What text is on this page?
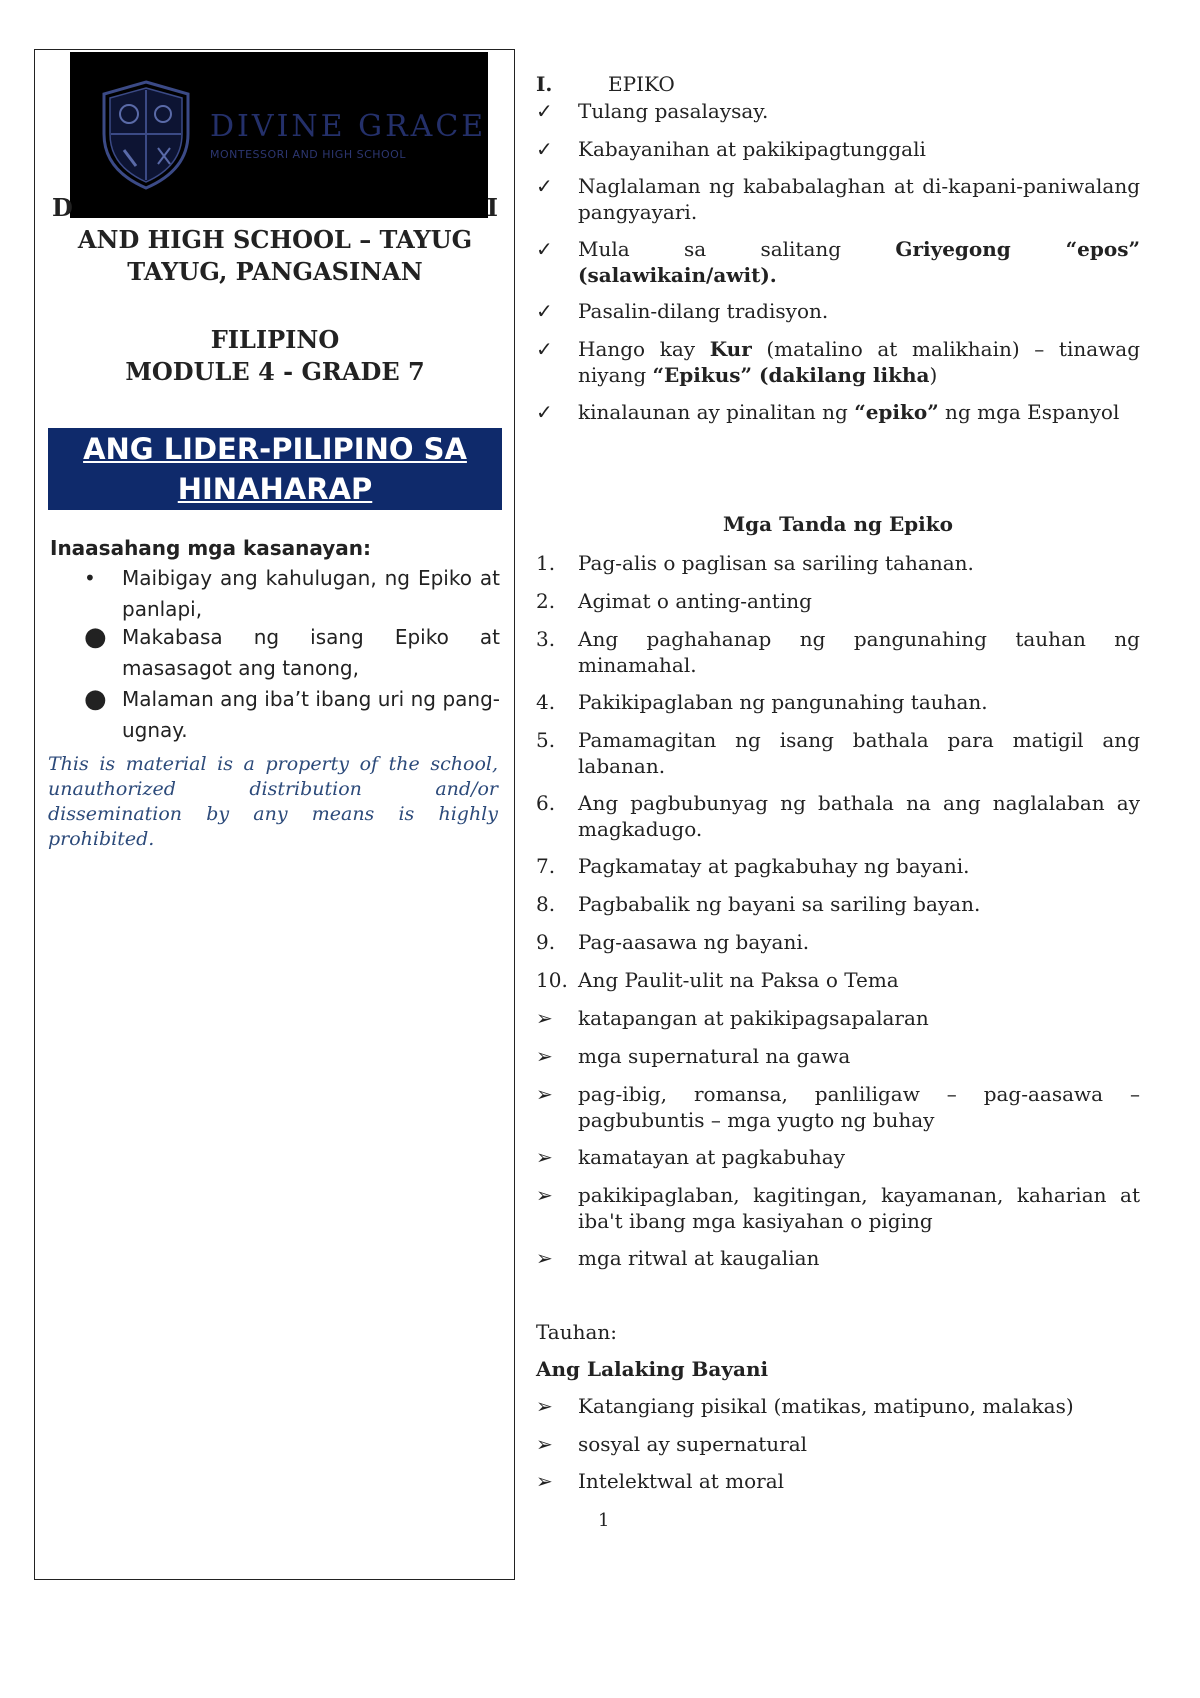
DIVINE GRACE
MONTESSORI AND HIGH SCHOOL
D	I
AND HIGH SCHOOL – TAYUG
TAYUG, PANGASINAN
FILIPINO
MODULE 4 - GRADE 7
ANG LIDER-PILIPINO SA
HINAHARAP
Inaasahang mga kasanayan:
•	Maibigay ang kahulugan, ng Epiko at panlapi,
● Makabasa ng isang Epiko at masasagot ang tanong,
● Malaman ang iba’t ibang uri ng pang-ugnay.
This is material is a property of the school, unauthorized distribution and/or dissemination by any means is highly prohibited.
I.	EPIKO
✓	Tulang pasalaysay.
✓	Kabayanihan at pakikipagtunggali
✓	Naglalaman ng kababalaghan at di-kapani-paniwalang pangyayari.
✓	Mula sa salitang Griyegong “epos” (salawikain/awit).
✓	Pasalin-dilang tradisyon.
✓	Hango kay Kur (matalino at malikhain) – tinawag niyang “Epikus” (dakilang likha)
✓	kinalaunan ay pinalitan ng “epiko” ng mga Espanyol
Mga Tanda ng Epiko
1.	Pag-alis o paglisan sa sariling tahanan.
2.	Agimat o anting-anting
3.	Ang paghahanap ng pangunahing tauhan ng minamahal.
4.	Pakikipaglaban ng pangunahing tauhan.
5.	Pamamagitan ng isang bathala para matigil ang labanan.
6.	Ang pagbubunyag ng bathala na ang naglalaban ay magkadugo.
7.	Pagkamatay at pagkabuhay ng bayani.
8.	Pagbabalik ng bayani sa sariling bayan.
9.	Pag-aasawa ng bayani.
10. Ang Paulit-ulit na Paksa o Tema
➢	katapangan at pakikipagsapalaran
➢	mga supernatural na gawa
➢	pag-ibig, romansa, panliligaw – pag-aasawa – pagbubuntis – mga yugto ng buhay
➢	kamatayan at pagkabuhay
➢	pakikipaglaban, kagitingan, kayamanan, kaharian at iba't ibang mga kasiyahan o piging
➢	mga ritwal at kaugalian
Tauhan:
Ang Lalaking Bayani
➢	Katangiang pisikal (matikas, matipuno, malakas)
➢	sosyal ay supernatural
➢	Intelektwal at moral
1
